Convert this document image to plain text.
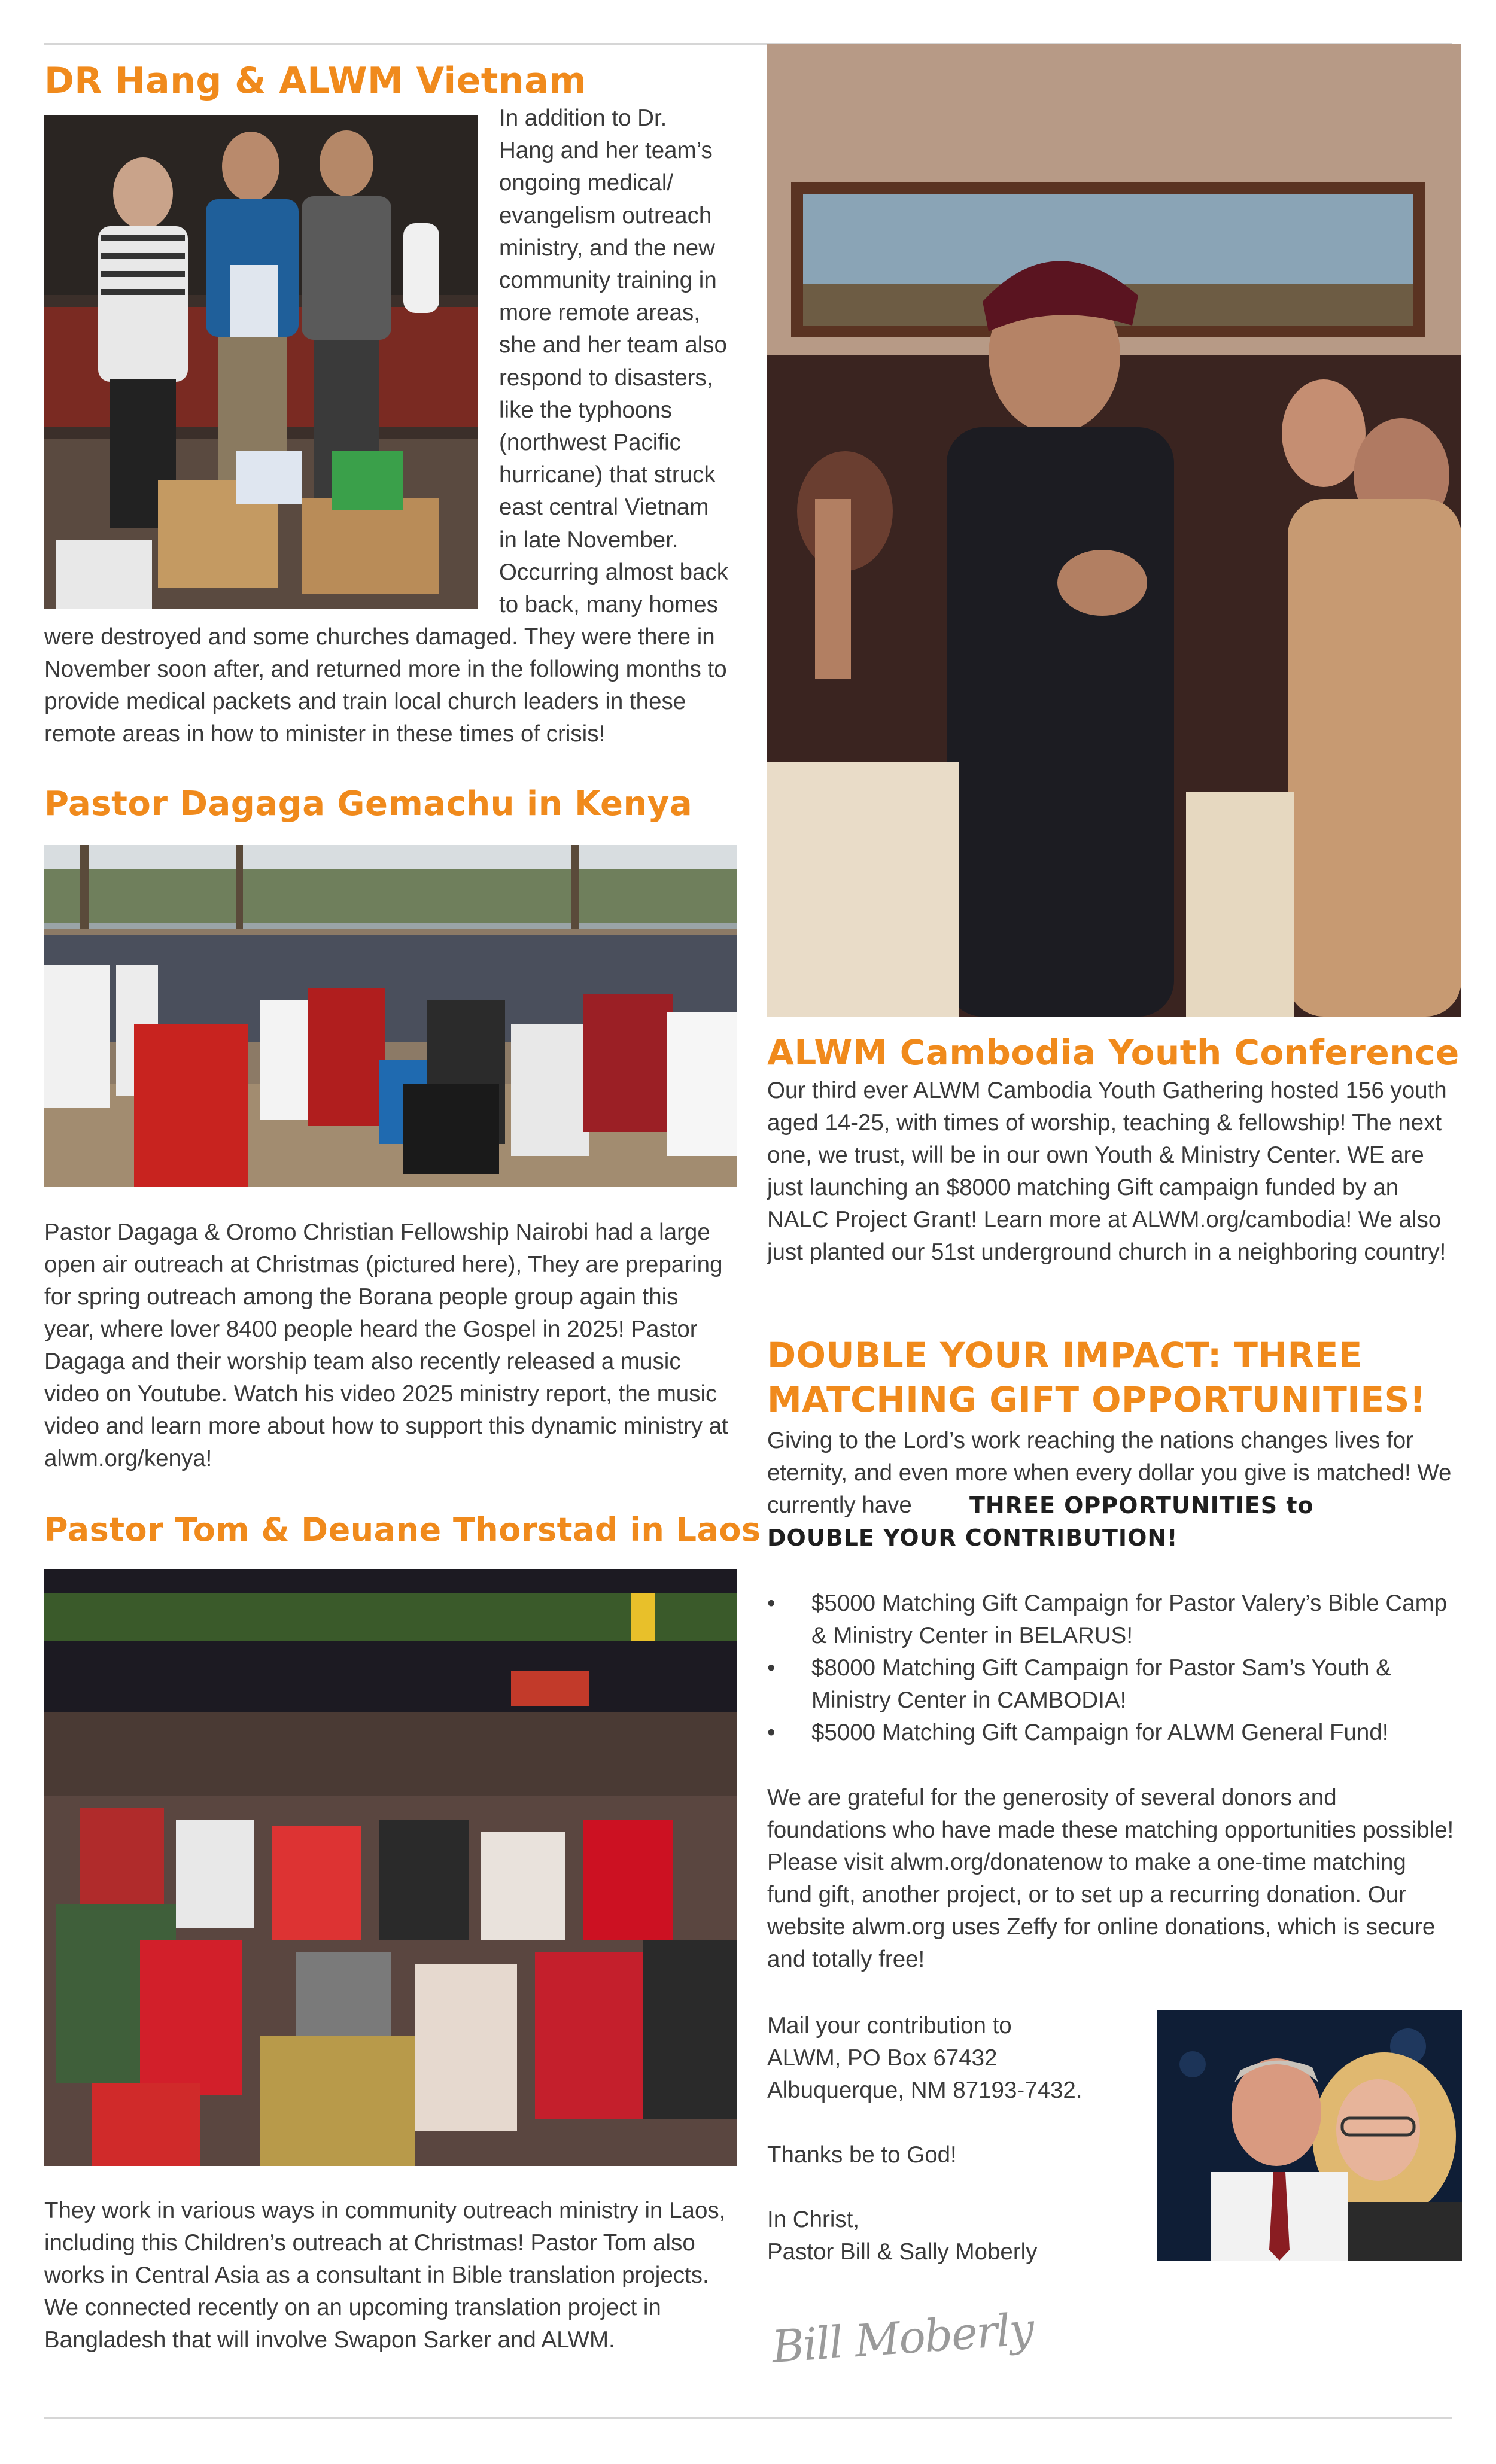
DR Hang & ALWM Vietnam
In addition to Dr.
Hang and her team’s
ongoing medical/
evangelism outreach
ministry, and the new
community training in
more remote areas,
she and her team also
respond to disasters,
like the typhoons
(northwest Pacific
hurricane) that struck
east central Vietnam
in late November.
Occurring almost back
to back, many homes

were destroyed and some churches damaged. They were there in November soon after, and returned more in the following months to provide medical packets and train local church leaders in these remote areas in how to minister in these times of crisis!

Pastor Dagaga Gemachu in Kenya

Pastor Dagaga & Oromo Christian Fellowship Nairobi had a large open air outreach at Christmas (pictured here), They are preparing for spring outreach among the Borana people group again this year, where lover 8400 people heard the Gospel in 2025! Pastor Dagaga and their worship team also recently released a music video on Youtube. Watch his video 2025 ministry report, the music video and learn more about how to support this dynamic ministry at alwm.org/kenya!

Pastor Tom & Deuane Thorstad in Laos

They work in various ways in community outreach ministry in Laos, including this Children’s outreach at Christmas! Pastor Tom also works in Central Asia as a consultant in Bible translation projects. We connected recently on an upcoming translation project in Bangladesh that will involve Swapon Sarker and ALWM.

ALWM Cambodia Youth Conference

Our third ever ALWM Cambodia Youth Gathering hosted 156 youth aged 14-25, with times of worship, teaching & fellowship! The next one, we trust, will be in our own Youth & Ministry Center. WE are just launching an $8000 matching Gift campaign funded by an NALC Project Grant! Learn more at ALWM.org/cambodia! We also just planted our 51st underground church in a neighboring country!

DOUBLE YOUR IMPACT: THREE
MATCHING GIFT OPPORTUNITIES!

Giving to the Lord’s work reaching the nations changes lives for eternity, and even more when every dollar you give is matched! We currently have	THREE OPPORTUNITIES to
DOUBLE YOUR CONTRIBUTION!
• $5000 Matching Gift Campaign for Pastor Valery’s Bible Camp & Ministry Center in BELARUS!
• $8000 Matching Gift Campaign for Pastor Sam’s Youth & Ministry Center in CAMBODIA!
• $5000 Matching Gift Campaign for ALWM General Fund!

We are grateful for the generosity of several donors and foundations who have made these matching opportunities possible! Please visit alwm.org/donatenow to make a one-time matching fund gift, another project, or to set up a recurring donation. Our website alwm.org uses Zeffy for online donations, which is secure and totally free!

Mail your contribution to
ALWM, PO Box 67432
Albuquerque, NM 87193-7432.
Thanks be to God!
In Christ,
Pastor Bill & Sally Moberly
Bill Moberly
